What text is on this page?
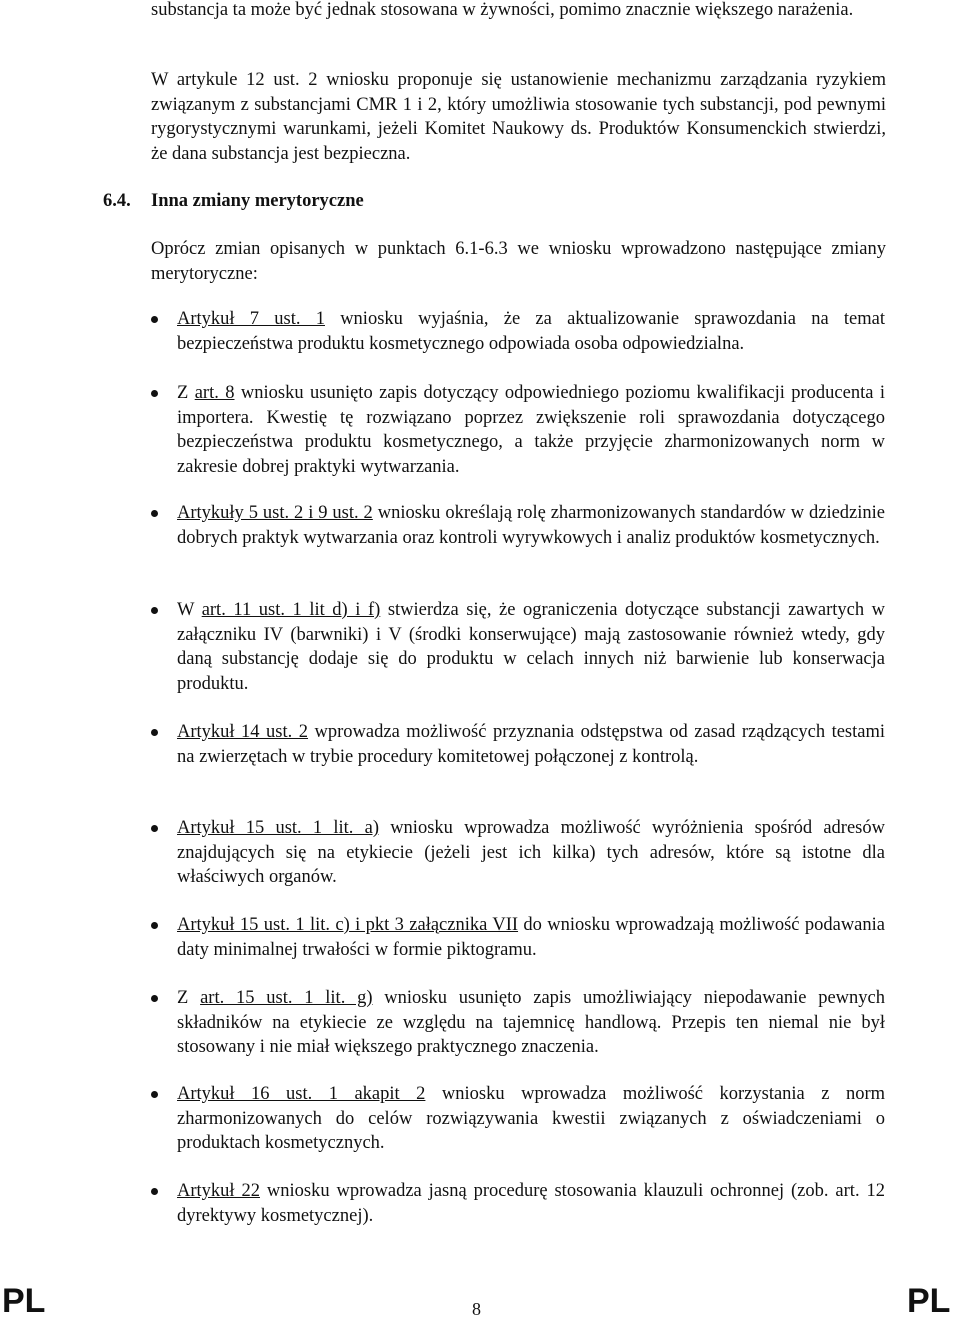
substancja ta może być jednak stosowana w żywności, pomimo znacznie większego narażenia.

W artykule 12 ust. 2 wniosku proponuje się ustanowienie mechanizmu zarządzania ryzykiem związanym z substancjami CMR 1 i 2, który umożliwia stosowanie tych substancji, pod pewnymi rygorystycznymi warunkami, jeżeli Komitet Naukowy ds. Produktów Konsumenckich stwierdzi, że dana substancja jest bezpieczna.

6.4. Inna zmiany merytoryczne

Oprócz zmian opisanych w punktach 6.1-6.3 we wniosku wprowadzono następujące zmiany merytoryczne:

Artykuł 7 ust. 1 wniosku wyjaśnia, że za aktualizowanie sprawozdania na temat bezpieczeństwa produktu kosmetycznego odpowiada osoba odpowiedzialna.
Z art. 8 wniosku usunięto zapis dotyczący odpowiedniego poziomu kwalifikacji producenta i importera. Kwestię tę rozwiązano poprzez zwiększenie roli sprawozdania dotyczącego bezpieczeństwa produktu kosmetycznego, a także przyjęcie zharmonizowanych norm w zakresie dobrej praktyki wytwarzania.
Artykuły 5 ust. 2 i 9 ust. 2 wniosku określają rolę zharmonizowanych standardów w dziedzinie dobrych praktyk wytwarzania oraz kontroli wyrywkowych i analiz produktów kosmetycznych.
W art. 11 ust. 1 lit d) i f) stwierdza się, że ograniczenia dotyczące substancji zawartych w załączniku IV (barwniki) i V (środki konserwujące) mają zastosowanie również wtedy, gdy daną substancję dodaje się do produktu w celach innych niż barwienie lub konserwacja produktu.
Artykuł 14 ust. 2 wprowadza możliwość przyznania odstępstwa od zasad rządzących testami na zwierzętach w trybie procedury komitetowej połączonej z kontrolą.
Artykuł 15 ust. 1 lit. a) wniosku wprowadza możliwość wyróżnienia spośród adresów znajdujących się na etykiecie (jeżeli jest ich kilka) tych adresów, które są istotne dla właściwych organów.
Artykuł 15 ust. 1 lit. c) i pkt 3 załącznika VII do wniosku wprowadzają możliwość podawania daty minimalnej trwałości w formie piktogramu.
Z art. 15 ust. 1 lit. g) wniosku usunięto zapis umożliwiający niepodawanie pewnych składników na etykiecie ze względu na tajemnicę handlową. Przepis ten niemal nie był stosowany i nie miał większego praktycznego znaczenia.
Artykuł 16 ust. 1 akapit 2 wniosku wprowadza możliwość korzystania z norm zharmonizowanych do celów rozwiązywania kwestii związanych z oświadczeniami o produktach kosmetycznych.
Artykuł 22 wniosku wprowadza jasną procedurę stosowania klauzuli ochronnej (zob. art. 12 dyrektywy kosmetycznej).
PL	8	PL
